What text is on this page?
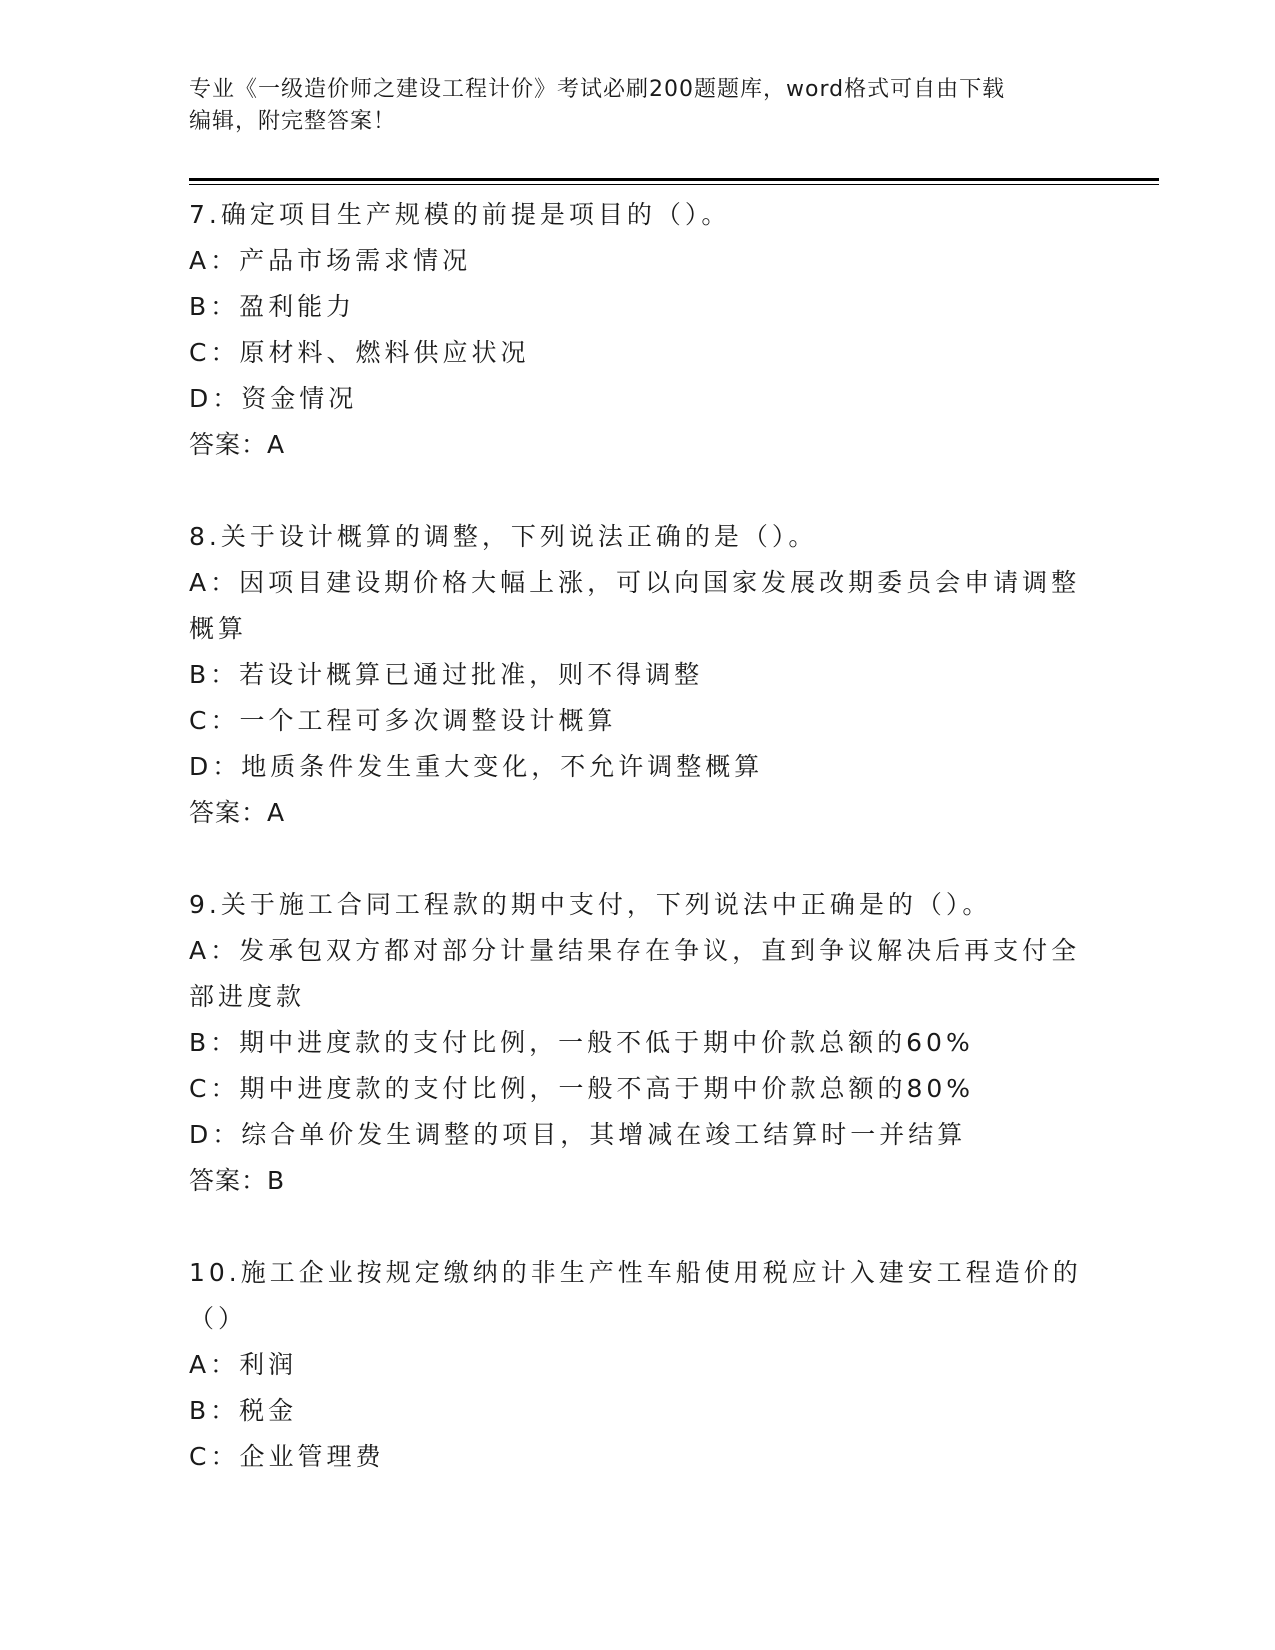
专业《一级造价师之建设工程计价》考试必刷200题题库，word格式可自由下载
编辑，附完整答案！
7.确定项目生产规模的前提是项目的（）。
A：产品市场需求情况
B：盈利能力
C：原材料、燃料供应状况
D：资金情况
答案：A
8.关于设计概算的调整，下列说法正确的是（）。
A：因项目建设期价格大幅上涨，可以向国家发展改期委员会申请调整
概算
B：若设计概算已通过批准，则不得调整
C：一个工程可多次调整设计概算
D：地质条件发生重大变化，不允许调整概算
答案：A
9.关于施工合同工程款的期中支付，下列说法中正确是的（）。
A：发承包双方都对部分计量结果存在争议，直到争议解决后再支付全
部进度款
B：期中进度款的支付比例，一般不低于期中价款总额的60%
C：期中进度款的支付比例，一般不高于期中价款总额的80%
D：综合单价发生调整的项目，其增减在竣工结算时一并结算
答案：B
10.施工企业按规定缴纳的非生产性车船使用税应计入建安工程造价的
（）
A：利润
B：税金
C：企业管理费
